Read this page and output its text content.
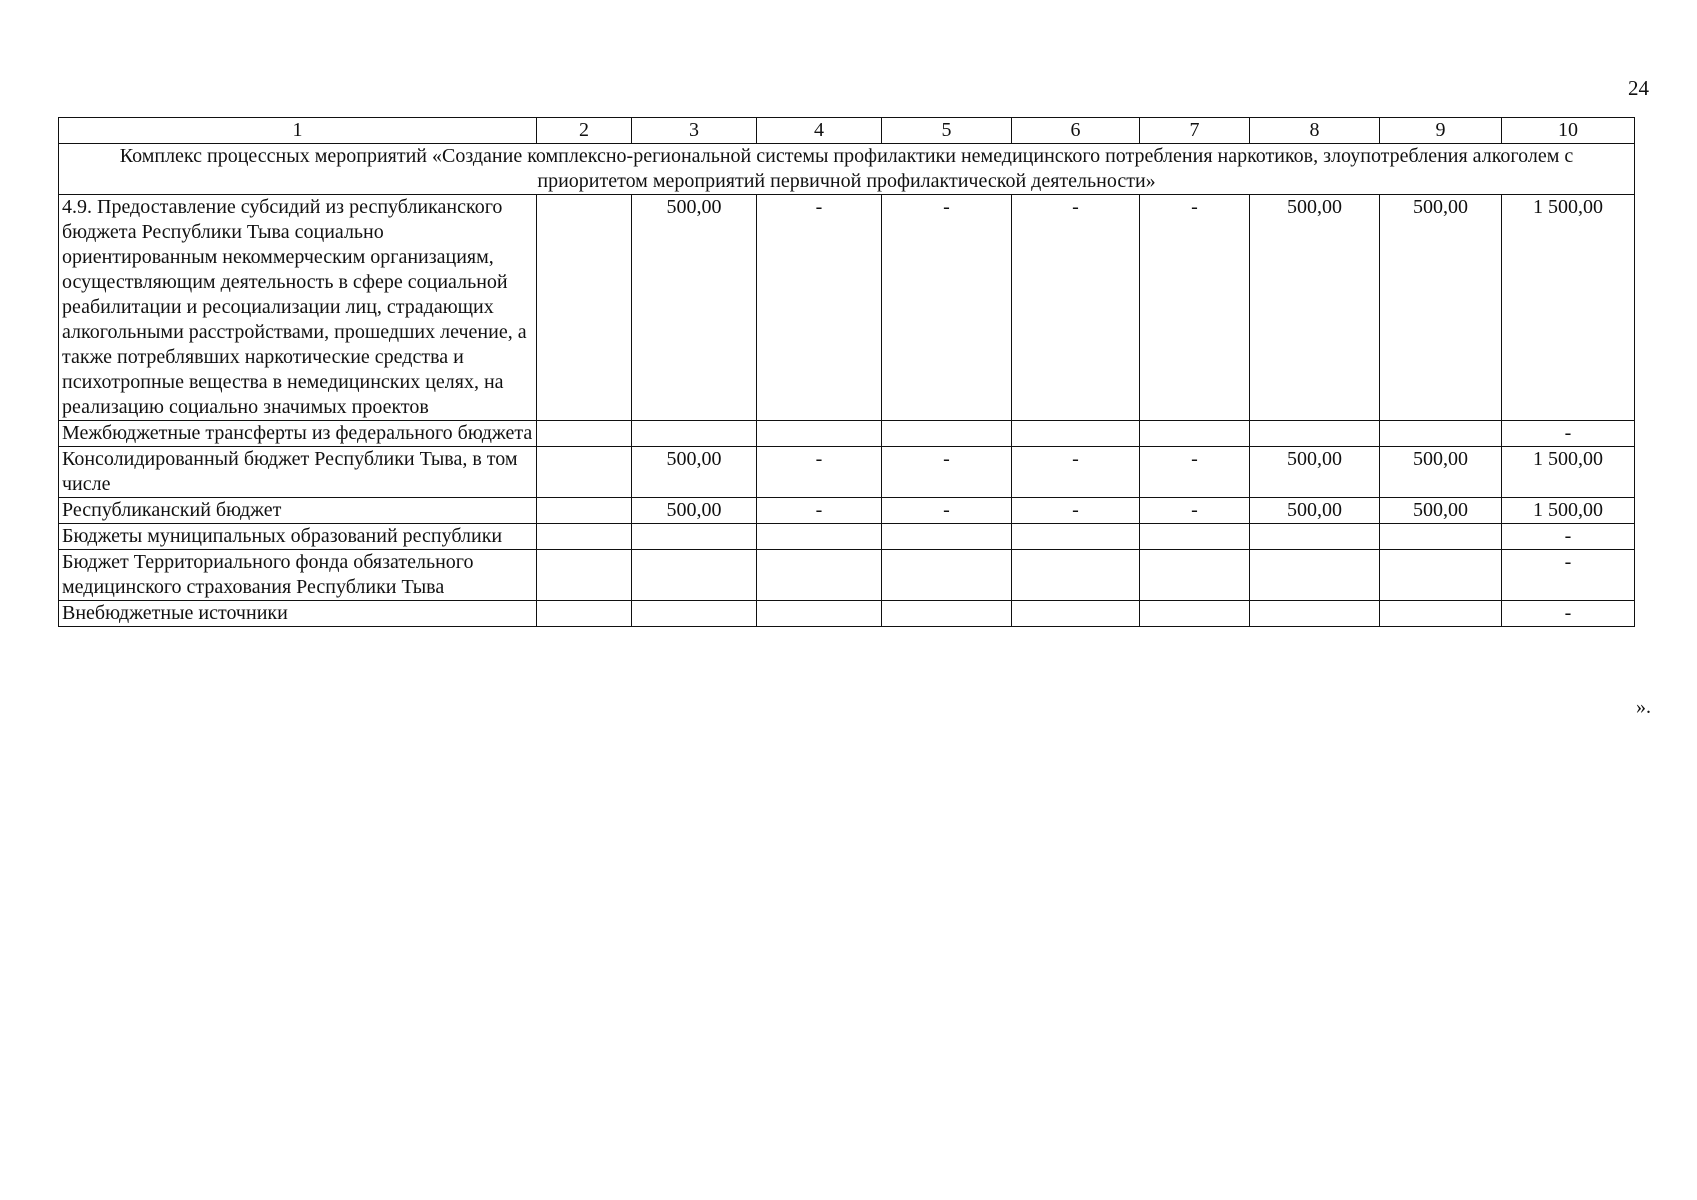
24
1	2	3	4	5	6	7	8	9	10
Комплекс процессных мероприятий «Создание комплексно-региональной системы профилактики немедицинского потребления наркотиков, злоупотребления алкоголем с приоритетом мероприятий первичной профилактической деятельности»									
4.9. Предоставление субсидий из республиканского бюджета Республики Тыва социально ориентированным некоммерческим организациям, осуществляющим деятельность в сфере социальной реабилитации и ресоциализации лиц, страдающих алкогольными расстройствами, прошедших лечение, а также потреблявших наркотические средства и психотропные вещества в немедицинских целях, на реализацию социально значимых проектов		500,00	-	-	-	-	500,00	500,00	1 500,00
Межбюджетные трансферты из федерального бюджета									-
Консолидированный бюджет Республики Тыва, в том числе		500,00	-	-	-	-	500,00	500,00	1 500,00
Республиканский бюджет		500,00	-	-	-	-	500,00	500,00	1 500,00
Бюджеты муниципальных образований республики									-
Бюджет Территориального фонда обязательного медицинского страхования Республики Тыва									-
Внебюджетные источники									-
».
